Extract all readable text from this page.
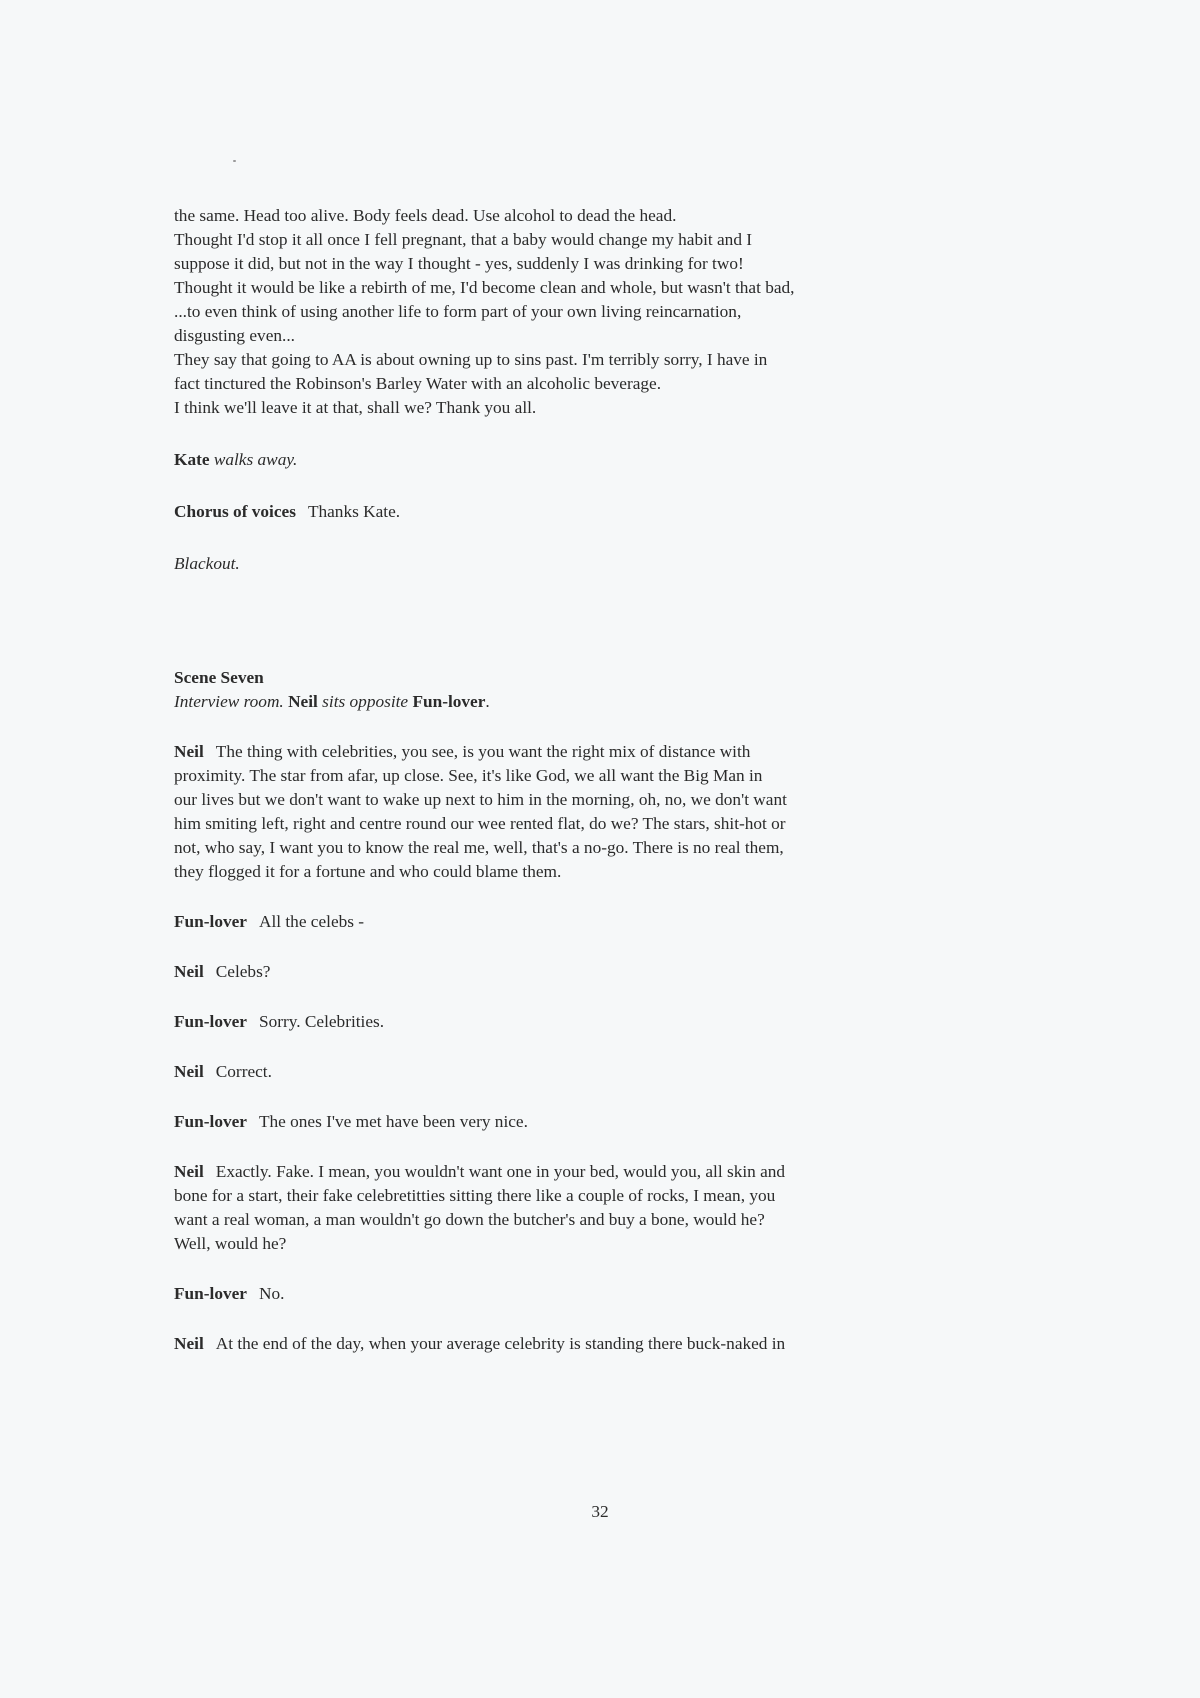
the same. Head too alive. Body feels dead. Use alcohol to dead the head.
Thought I'd stop it all once I fell pregnant, that a baby would change my habit and I
suppose it did, but not in the way I thought - yes, suddenly I was drinking for two!
Thought it would be like a rebirth of me, I'd become clean and whole, but wasn't that bad,
...to even think of using another life to form part of your own living reincarnation,
disgusting even...
They say that going to AA is about owning up to sins past. I'm terribly sorry, I have in
fact tinctured the Robinson's Barley Water with an alcoholic beverage.
I think we'll leave it at that, shall we? Thank you all.
Kate walks away.
Chorus of voices Thanks Kate.
Blackout.
Scene Seven
Interview room. Neil sits opposite Fun-lover.
Neil The thing with celebrities, you see, is you want the right mix of distance with
proximity. The star from afar, up close. See, it's like God, we all want the Big Man in
our lives but we don't want to wake up next to him in the morning, oh, no, we don't want
him smiting left, right and centre round our wee rented flat, do we? The stars, shit-hot or
not, who say, I want you to know the real me, well, that's a no-go. There is no real them,
they flogged it for a fortune and who could blame them.
Fun-lover All the celebs -
Neil Celebs?
Fun-lover Sorry. Celebrities.
Neil Correct.
Fun-lover The ones I've met have been very nice.
Neil Exactly. Fake. I mean, you wouldn't want one in your bed, would you, all skin and
bone for a start, their fake celebretitties sitting there like a couple of rocks, I mean, you
want a real woman, a man wouldn't go down the butcher's and buy a bone, would he?
Well, would he?
Fun-lover No.
Neil At the end of the day, when your average celebrity is standing there buck-naked in
32
